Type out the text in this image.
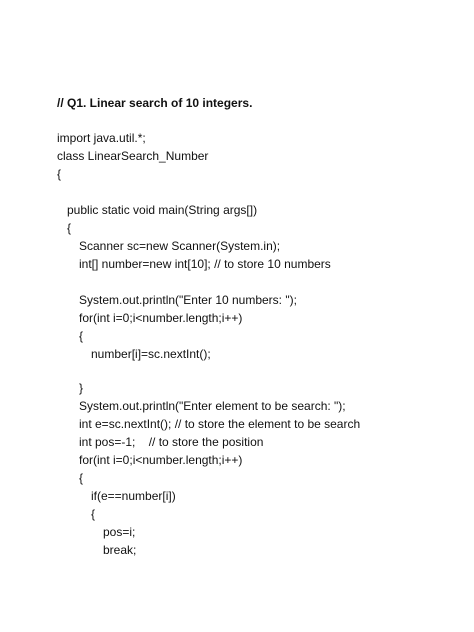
// Q1. Linear search of 10 integers.
import java.util.*;
class LinearSearch_Number
{
public static void main(String args[])
{
Scanner sc=new Scanner(System.in);
int[] number=new int[10]; // to store 10 numbers
System.out.println("Enter 10 numbers: ");
for(int i=0;i<number.length;i++)
{
number[i]=sc.nextInt();
}
System.out.println("Enter element to be search: ");
int e=sc.nextInt(); // to store the element to be search
int pos=-1;    // to store the position
for(int i=0;i<number.length;i++)
{
if(e==number[i])
{
pos=i;
break;
